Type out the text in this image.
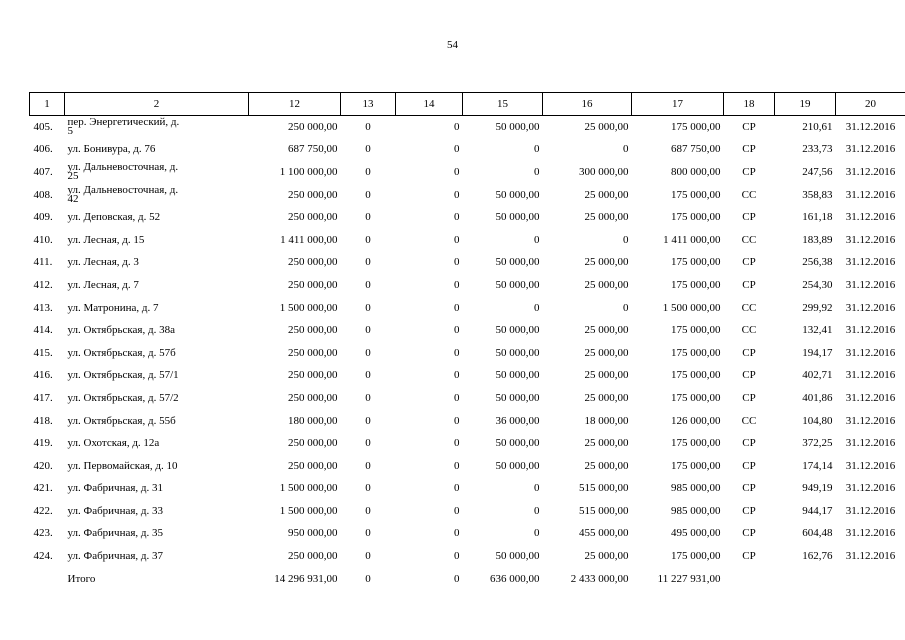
54
1	2	12	13	14	15	16	17	18	19	20
405.	пер. Энергетический, д. 5	250 000,00	0	0	50 000,00	25 000,00	175 000,00	СР	210,61	31.12.2016
406.	ул. Бонивура, д. 76	687 750,00	0	0	0	0	687 750,00	СР	233,73	31.12.2016
407.	ул. Дальневосточная, д. 25	1 100 000,00	0	0	0	300 000,00	800 000,00	СР	247,56	31.12.2016
408.	ул. Дальневосточная, д. 42	250 000,00	0	0	50 000,00	25 000,00	175 000,00	СС	358,83	31.12.2016
409.	ул. Деповская, д. 52	250 000,00	0	0	50 000,00	25 000,00	175 000,00	СР	161,18	31.12.2016
410.	ул. Лесная, д. 15	1 411 000,00	0	0	0	0	1 411 000,00	СС	183,89	31.12.2016
411.	ул. Лесная, д. 3	250 000,00	0	0	50 000,00	25 000,00	175 000,00	СР	256,38	31.12.2016
412.	ул. Лесная, д. 7	250 000,00	0	0	50 000,00	25 000,00	175 000,00	СР	254,30	31.12.2016
413.	ул. Матронина, д. 7	1 500 000,00	0	0	0	0	1 500 000,00	СС	299,92	31.12.2016
414.	ул. Октябрьская, д. 38а	250 000,00	0	0	50 000,00	25 000,00	175 000,00	СС	132,41	31.12.2016
415.	ул. Октябрьская, д. 57б	250 000,00	0	0	50 000,00	25 000,00	175 000,00	СР	194,17	31.12.2016
416.	ул. Октябрьская, д. 57/1	250 000,00	0	0	50 000,00	25 000,00	175 000,00	СР	402,71	31.12.2016
417.	ул. Октябрьская, д. 57/2	250 000,00	0	0	50 000,00	25 000,00	175 000,00	СР	401,86	31.12.2016
418.	ул. Октябрьская, д. 55б	180 000,00	0	0	36 000,00	18 000,00	126 000,00	СС	104,80	31.12.2016
419.	ул. Охотская, д. 12а	250 000,00	0	0	50 000,00	25 000,00	175 000,00	СР	372,25	31.12.2016
420.	ул. Первомайская, д. 10	250 000,00	0	0	50 000,00	25 000,00	175 000,00	СР	174,14	31.12.2016
421.	ул. Фабричная, д. 31	1 500 000,00	0	0	0	515 000,00	985 000,00	СР	949,19	31.12.2016
422.	ул. Фабричная, д. 33	1 500 000,00	0	0	0	515 000,00	985 000,00	СР	944,17	31.12.2016
423.	ул. Фабричная, д. 35	950 000,00	0	0	0	455 000,00	495 000,00	СР	604,48	31.12.2016
424.	ул. Фабричная, д. 37	250 000,00	0	0	50 000,00	25 000,00	175 000,00	СР	162,76	31.12.2016
	Итого	14 296 931,00	0	0	636 000,00	2 433 000,00	11 227 931,00			
